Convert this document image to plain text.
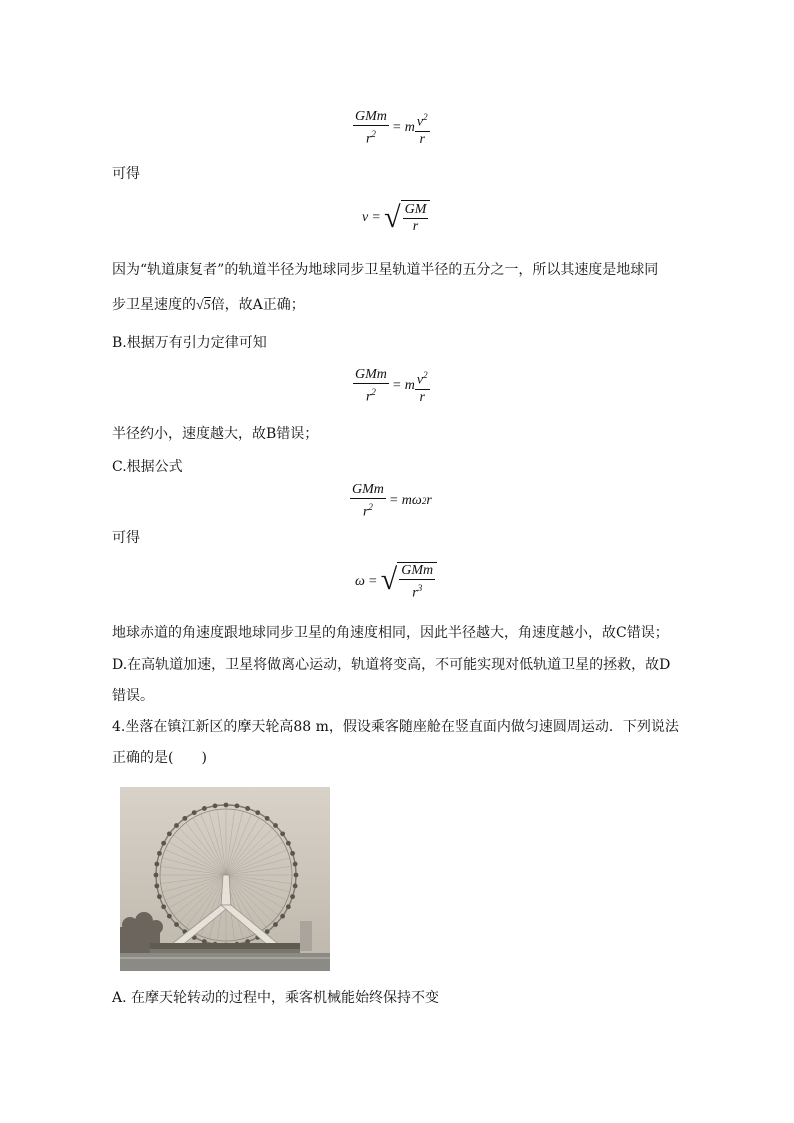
$\frac{\text{GMm}}{r^2} = m \frac{v^2}{r}$
可得
v = √ $\frac{GM}{r}$
因为“轨道康复者”的轨道半径为地球同步卫星轨道半径的五分之一，所以其速度是地球同
步卫星速度的√5倍，故A正确；
B.根据万有引力定律可知
$\frac{\text{GMm}}{r^2} = m \frac{v^2}{r}$
半径约小，速度越大，故B错误；
C.根据公式
$\frac{\text{GMm}}{r^2} = m$ ω 2 r
可得
ω = √ $\frac{\text{GMm}}{r^3}$
地球赤道的角速度跟地球同步卫星的角速度相同，因此半径越大，角速度越小，故C错误；
D.在高轨道加速，卫星将做离心运动，轨道将变高，不可能实现对低轨道卫星的拯救，故D
错误。
4.坐落在镇江新区的摩天轮高88 m，假设乘客随座舱在竖直面内做匀速圆周运动．下列说法
正确的是(　　)
A. 在摩天轮转动的过程中，乘客机械能始终保持不变
